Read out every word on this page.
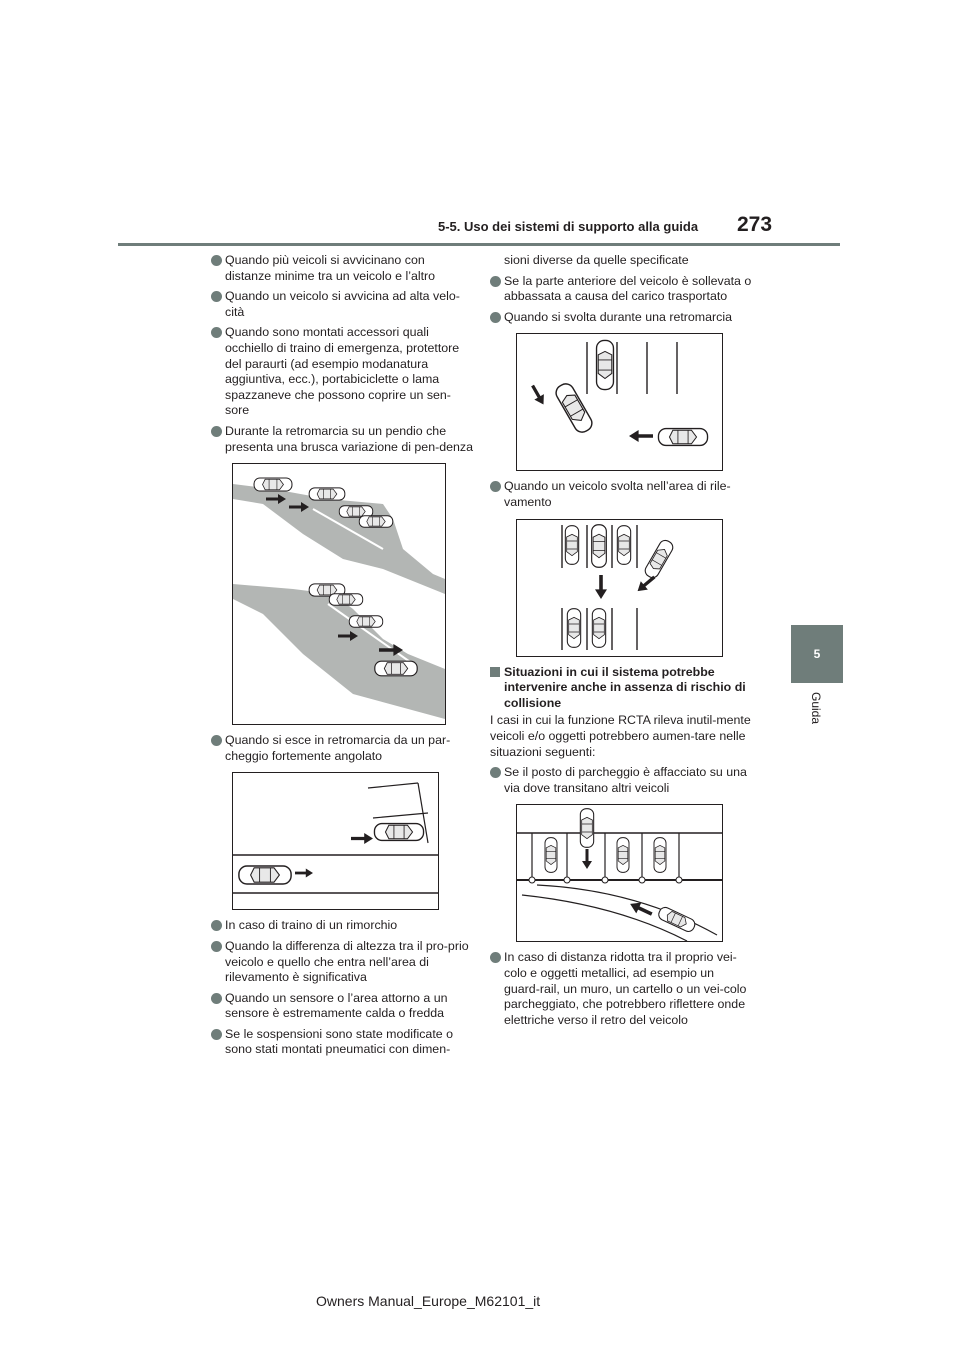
5-5. Uso dei sistemi di supporto alla guida 273
5
Guida
Quando più veicoli si avvicinano con distanze minime tra un veicolo e l’altro
Quando un veicolo si avvicina ad alta velo-cità
Quando sono montati accessori quali occhiello di traino di emergenza, protettore del paraurti (ad esempio modanatura aggiuntiva, ecc.), portabiciclette o lama spazzaneve che possono coprire un sen-sore
Durante la retromarcia su un pendio che presenta una brusca variazione di pen-denza
Quando si esce in retromarcia da un par-cheggio fortemente angolato
In caso di traino di un rimorchio
Quando la differenza di altezza tra il pro-prio veicolo e quello che entra nell’area di rilevamento è significativa
Quando un sensore o l’area attorno a un sensore è estremamente calda o fredda
Se le sospensioni sono state modificate o sono stati montati pneumatici con dimen-
sioni diverse da quelle specificate
Se la parte anteriore del veicolo è sollevata o abbassata a causa del carico trasportato
Quando si svolta durante una retromarcia
Quando un veicolo svolta nell’area di rile-vamento
Situazioni in cui il sistema potrebbe intervenire anche in assenza di rischio di collisione
I casi in cui la funzione RCTA rileva inutil-mente veicoli e/o oggetti potrebbero aumen-tare nelle situazioni seguenti:
Se il posto di parcheggio è affacciato su una via dove transitano altri veicoli
In caso di distanza ridotta tra il proprio vei-colo e oggetti metallici, ad esempio un guard-rail, un muro, un cartello o un vei-colo parcheggiato, che potrebbero riflettere onde elettriche verso il retro del veicolo
Owners Manual_Europe_M62101_it
